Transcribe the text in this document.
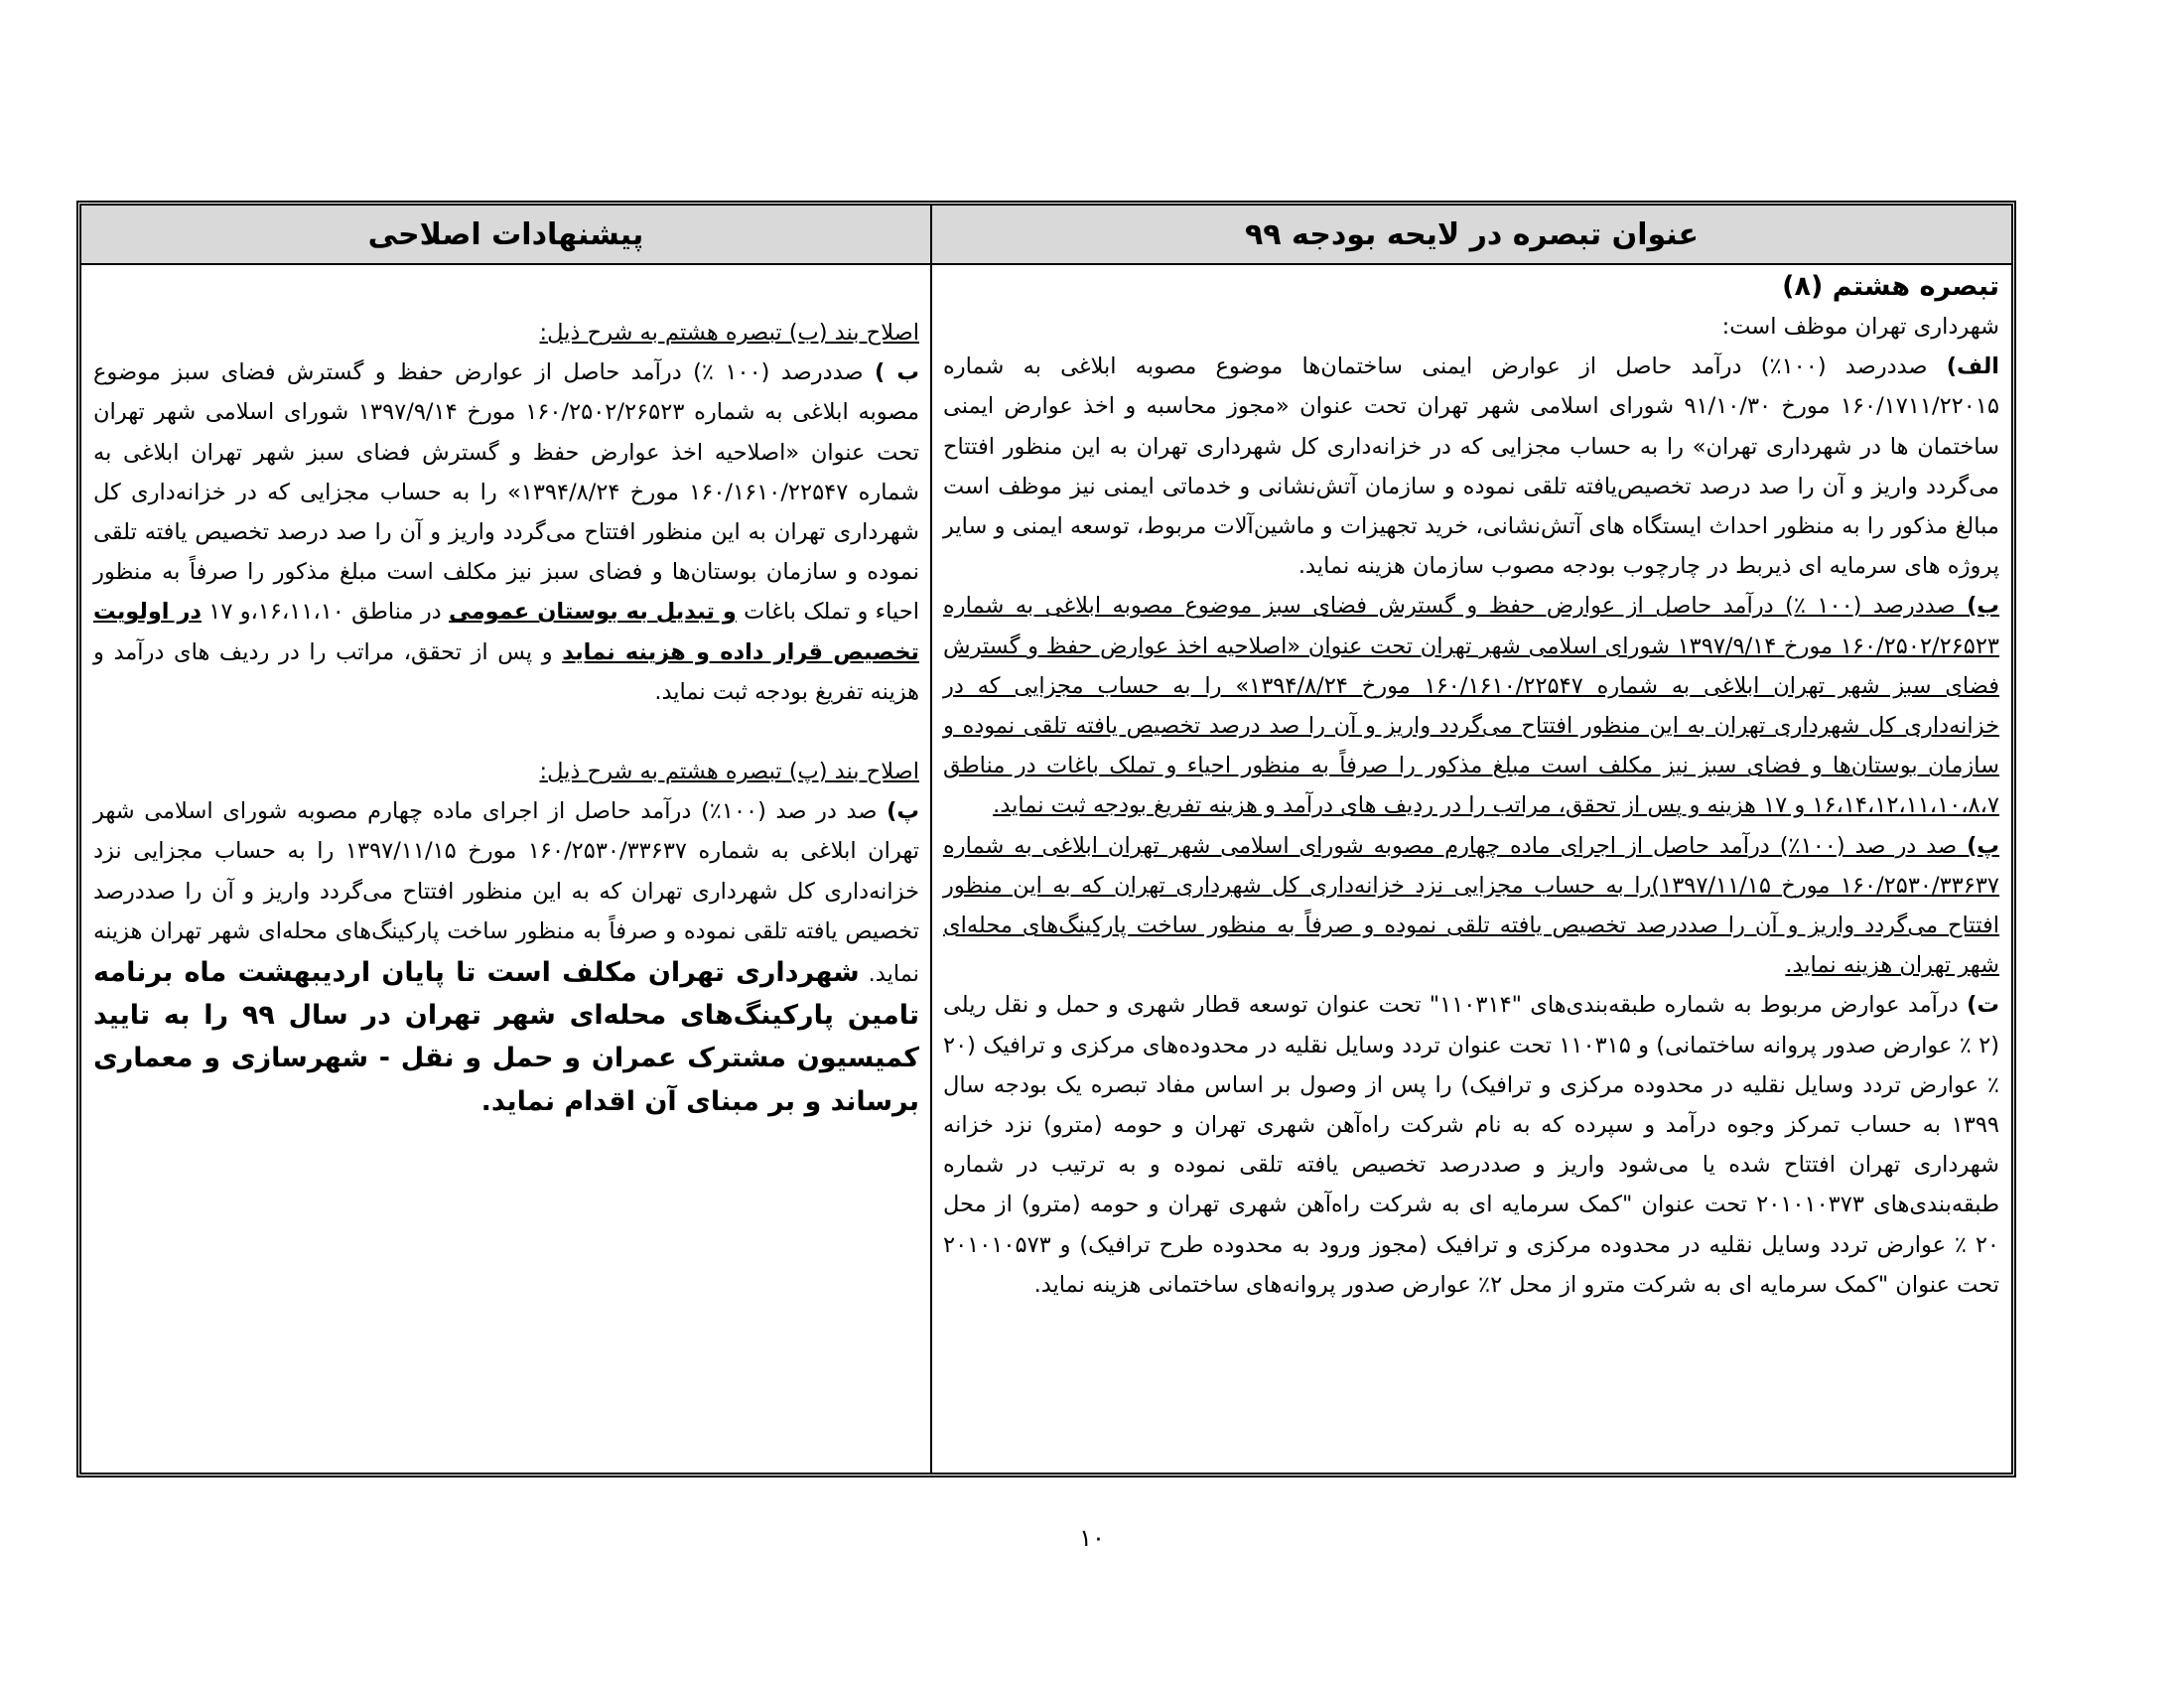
عنوان تبصره در لایحه بودجه ۹۹
پیشنهادات اصلاحی

تبصره هشتم (۸)

شهرداری تهران موظف است:

الف) صددرصد (۱۰۰٪) درآمد حاصل از عوارض ایمنی ساختمان‌ها موضوع مصوبه ابلاغی به شماره ۱۶۰/۱۷۱۱/۲۲۰۱۵ مورخ ۹۱/۱۰/۳۰ شورای اسلامی شهر تهران تحت عنوان «مجوز محاسبه و اخذ عوارض ایمنی ساختمان ها در شهرداری تهران» را به حساب مجزایی که در خزانه‌داری کل شهرداری تهران به این منظور افتتاح می‌گردد واریز و آن را صد درصد تخصیص‌یافته تلقی نموده و سازمان آتش‌نشانی و خدماتی ایمنی نیز موظف است مبالغ مذکور را به منظور احداث ایستگاه های آتش‌نشانی، خرید تجهیزات و ماشین‌آلات مربوط، توسعه ایمنی و سایر پروژه های سرمایه ای ذیربط در چارچوب بودجه مصوب سازمان هزینه نماید.

ب) صددرصد (۱۰۰ ٪) درآمد حاصل از عوارض حفظ و گسترش فضای سبز موضوع مصوبه ابلاغی به شماره ۱۶۰/۲۵۰۲/۲۶۵۲۳ مورخ ۱۳۹۷/۹/۱۴ شورای اسلامی شهر تهران تحت عنوان «اصلاحیه اخذ عوارض حفظ و گسترش فضای سبز شهر تهران ابلاغی به شماره ۱۶۰/۱۶۱۰/۲۲۵۴۷ مورخ ۱۳۹۴/۸/۲۴» را به حساب مجزایی که در خزانه‌داری کل شهرداری تهران به این منظور افتتاح می‌گردد واریز و آن را صد درصد تخصیص یافته تلقی نموده و سازمان بوستان‌ها و فضای سبز نیز مکلف است مبلغ مذکور را صرفاً به منظور احیاء و تملک باغات در مناطق ۱۶،۱۴،۱۲،۱۱،۱۰،۸،۷ و ۱۷ هزینه و پس از تحقق، مراتب را در ردیف های درآمد و هزینه تفریغ بودجه ثبت نماید.

پ) صد در صد (۱۰۰٪) درآمد حاصل از اجرای ماده چهارم مصوبه شورای اسلامی شهر تهران ابلاغی به شماره ۱۶۰/۲۵۳۰/۳۳۶۳۷ مورخ ۱۳۹۷/۱۱/۱۵)را به حساب مجزایی نزد خزانه‌داری کل شهرداری تهران که به این منظور افتتاح می‌گردد واریز و آن را صددرصد تخصیص یافته تلقی نموده و صرفاً به منظور ساخت پارکینگ‌های محله‌ای شهر تهران هزینه نماید.

ت) درآمد عوارض مربوط به شماره طبقه‌بندی‌های "۱۱۰۳۱۴" تحت عنوان توسعه قطار شهری و حمل و نقل ریلی (۲ ٪ عوارض صدور پروانه ساختمانی) و ۱۱۰۳۱۵ تحت عنوان تردد وسایل نقلیه در محدوده‌های مرکزی و ترافیک (۲۰ ٪ عوارض تردد وسایل نقلیه در محدوده مرکزی و ترافیک) را پس از وصول بر اساس مفاد تبصره یک بودجه سال ۱۳۹۹ به حساب تمرکز وجوه درآمد و سپرده که به نام شرکت راه‌آهن شهری تهران و حومه (مترو) نزد خزانه شهرداری تهران افتتاح شده یا می‌شود واریز و صددرصد تخصیص یافته تلقی نموده و به ترتیب در شماره طبقه‌بندی‌های ۲۰۱۰۱۰۳۷۳ تحت عنوان "کمک سرمایه ای به شرکت راه‌آهن شهری تهران و حومه (مترو) از محل ۲۰ ٪ عوارض تردد وسایل نقلیه در محدوده مرکزی و ترافیک (مجوز ورود به محدوده طرح ترافیک) و ۲۰۱۰۱۰۵۷۳ تحت عنوان "کمک سرمایه ای به شرکت مترو از محل ۲٪ عوارض صدور پروانه‌های ساختمانی هزینه نماید.

اصلاح بند (ب) تبصره هشتم به شرح ذیل:

ب ) صددرصد (۱۰۰ ٪) درآمد حاصل از عوارض حفظ و گسترش فضای سبز موضوع مصوبه ابلاغی به شماره ۱۶۰/۲۵۰۲/۲۶۵۲۳ مورخ ۱۳۹۷/۹/۱۴ شورای اسلامی شهر تهران تحت عنوان «اصلاحیه اخذ عوارض حفظ و گسترش فضای سبز شهر تهران ابلاغی به شماره ۱۶۰/۱۶۱۰/۲۲۵۴۷ مورخ ۱۳۹۴/۸/۲۴» را به حساب مجزایی که در خزانه‌داری کل شهرداری تهران به این منظور افتتاح می‌گردد واریز و آن را صد درصد تخصیص یافته تلقی نموده و سازمان بوستان‌ها و فضای سبز نیز مکلف است مبلغ مذکور را صرفاً به منظور احیاء و تملک باغات و تبدیل به بوستان عمومی در مناطق ۱۶،۱۱،۱۰،و ۱۷ در اولویت تخصیص قرار داده و هزینه نماید و پس از تحقق، مراتب را در ردیف های درآمد و هزینه تفریغ بودجه ثبت نماید.

اصلاح بند (پ) تبصره هشتم به شرح ذیل:

پ) صد در صد (۱۰۰٪) درآمد حاصل از اجرای ماده چهارم مصوبه شورای اسلامی شهر تهران ابلاغی به شماره ۱۶۰/۲۵۳۰/۳۳۶۳۷ مورخ ۱۳۹۷/۱۱/۱۵ را به حساب مجزایی نزد خزانه‌داری کل شهرداری تهران که به این منظور افتتاح می‌گردد واریز و آن را صددرصد تخصیص یافته تلقی نموده و صرفاً به منظور ساخت پارکینگ‌های محله‌ای شهر تهران هزینه نماید. شهرداری تهران مکلف است تا پایان اردیبهشت ماه برنامه تامین پارکینگ‌های محله‌ای شهر تهران در سال ۹۹ را به تایید کمیسیون مشترک عمران و حمل و نقل - شهرسازی و معماری برساند و بر مبنای آن اقدام نماید.

۱۰
